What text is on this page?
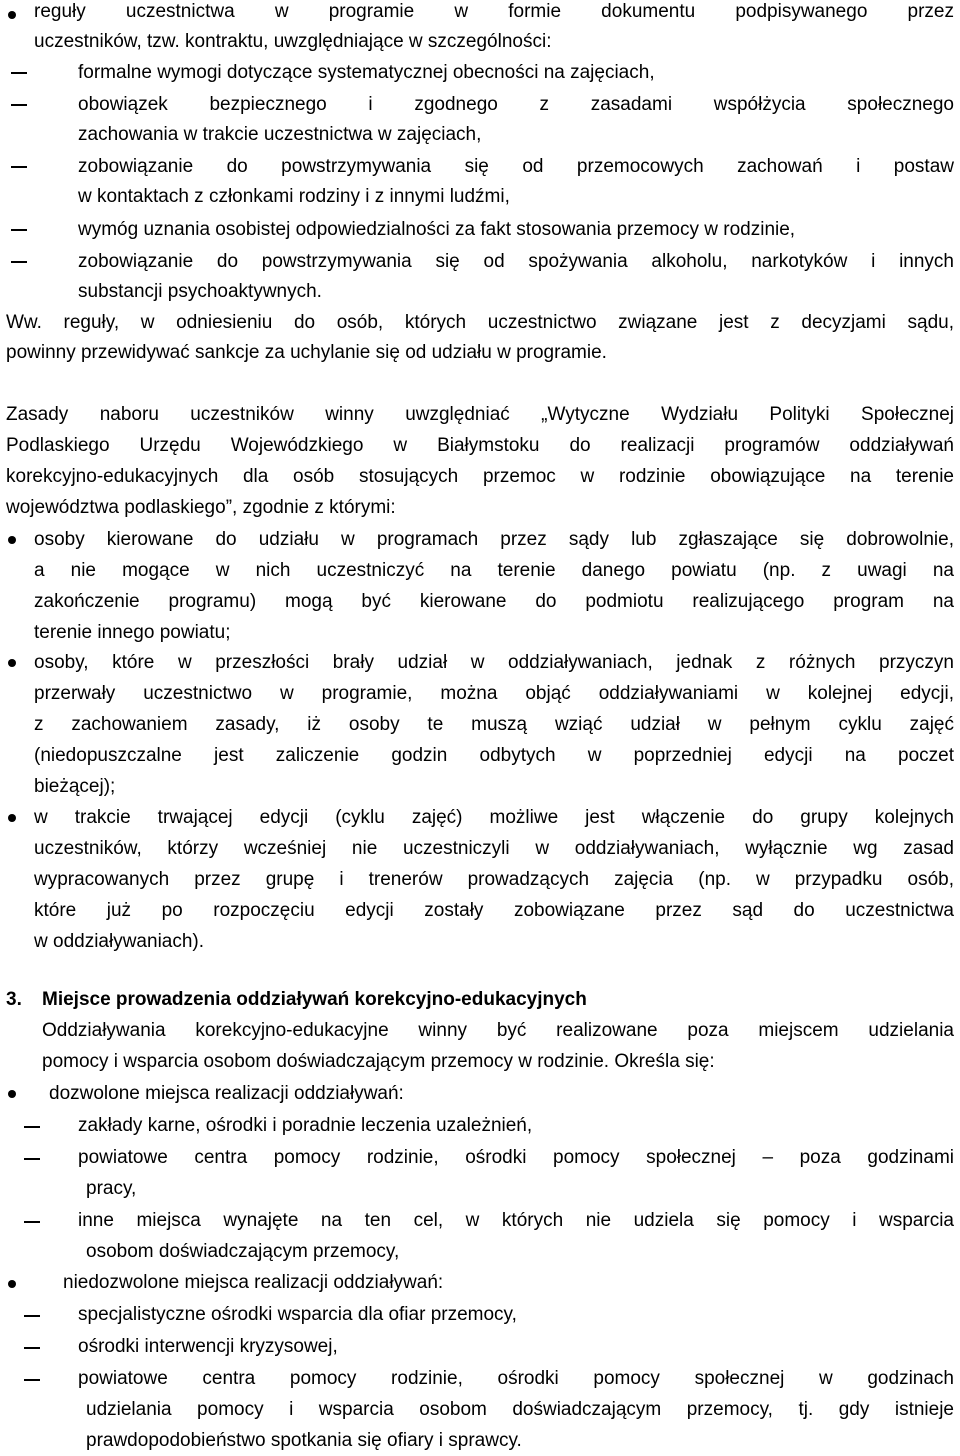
reguły uczestnictwa w programie w formie dokumentu podpisywanego przez
uczestników, tzw. kontraktu, uwzględniające w szczególności:
formalne wymogi dotyczące systematycznej obecności na zajęciach,
obowiązek bezpiecznego i zgodnego z zasadami współżycia społecznego
zachowania w trakcie uczestnictwa w zajęciach,
zobowiązanie do powstrzymywania się od przemocowych zachowań i postaw
w kontaktach z członkami rodziny i z innymi ludźmi,
wymóg uznania osobistej odpowiedzialności za fakt stosowania przemocy w rodzinie,
zobowiązanie do powstrzymywania się od spożywania alkoholu, narkotyków i innych
substancji psychoaktywnych.
Ww. reguły, w odniesieniu do osób, których uczestnictwo związane jest z decyzjami sądu,
powinny przewidywać sankcje za uchylanie się od udziału w programie.
Zasady naboru uczestników winny uwzględniać „Wytyczne Wydziału Polityki Społecznej
Podlaskiego Urzędu Wojewódzkiego w Białymstoku do realizacji programów oddziaływań
korekcyjno-edukacyjnych dla osób stosujących przemoc w rodzinie obowiązujące na terenie
województwa podlaskiego”, zgodnie z którymi:
osoby kierowane do udziału w programach przez sądy lub zgłaszające się dobrowolnie,
a nie mogące w nich uczestniczyć na terenie danego powiatu (np. z uwagi na
zakończenie programu) mogą być kierowane do podmiotu realizującego program na
terenie innego powiatu;
osoby, które w przeszłości brały udział w oddziaływaniach, jednak z różnych przyczyn
przerwały uczestnictwo w programie, można objąć oddziaływaniami w kolejnej edycji,
z zachowaniem zasady, iż osoby te muszą wziąć udział w pełnym cyklu zajęć
(niedopuszczalne jest zaliczenie godzin odbytych w poprzedniej edycji na poczet
bieżącej);
w trakcie trwającej edycji (cyklu zajęć) możliwe jest włączenie do grupy kolejnych
uczestników, którzy wcześniej nie uczestniczyli w oddziaływaniach, wyłącznie wg zasad
wypracowanych przez grupę i trenerów prowadzących zajęcia (np. w przypadku osób,
które już po rozpoczęciu edycji zostały zobowiązane przez sąd do uczestnictwa
w oddziaływaniach).
3. Miejsce prowadzenia oddziaływań korekcyjno-edukacyjnych
Oddziaływania korekcyjno-edukacyjne winny być realizowane poza miejscem udzielania
pomocy i wsparcia osobom doświadczającym przemocy w rodzinie. Określa się:
dozwolone miejsca realizacji oddziaływań:
zakłady karne, ośrodki i poradnie leczenia uzależnień,
powiatowe centra pomocy rodzinie, ośrodki pomocy społecznej – poza godzinami
pracy,
inne miejsca wynajęte na ten cel, w których nie udziela się pomocy i wsparcia
osobom doświadczającym przemocy,
niedozwolone miejsca realizacji oddziaływań:
specjalistyczne ośrodki wsparcia dla ofiar przemocy,
ośrodki interwencji kryzysowej,
powiatowe centra pomocy rodzinie, ośrodki pomocy społecznej w godzinach
udzielania pomocy i wsparcia osobom doświadczającym przemocy, tj. gdy istnieje
prawdopodobieństwo spotkania się ofiary i sprawcy.
